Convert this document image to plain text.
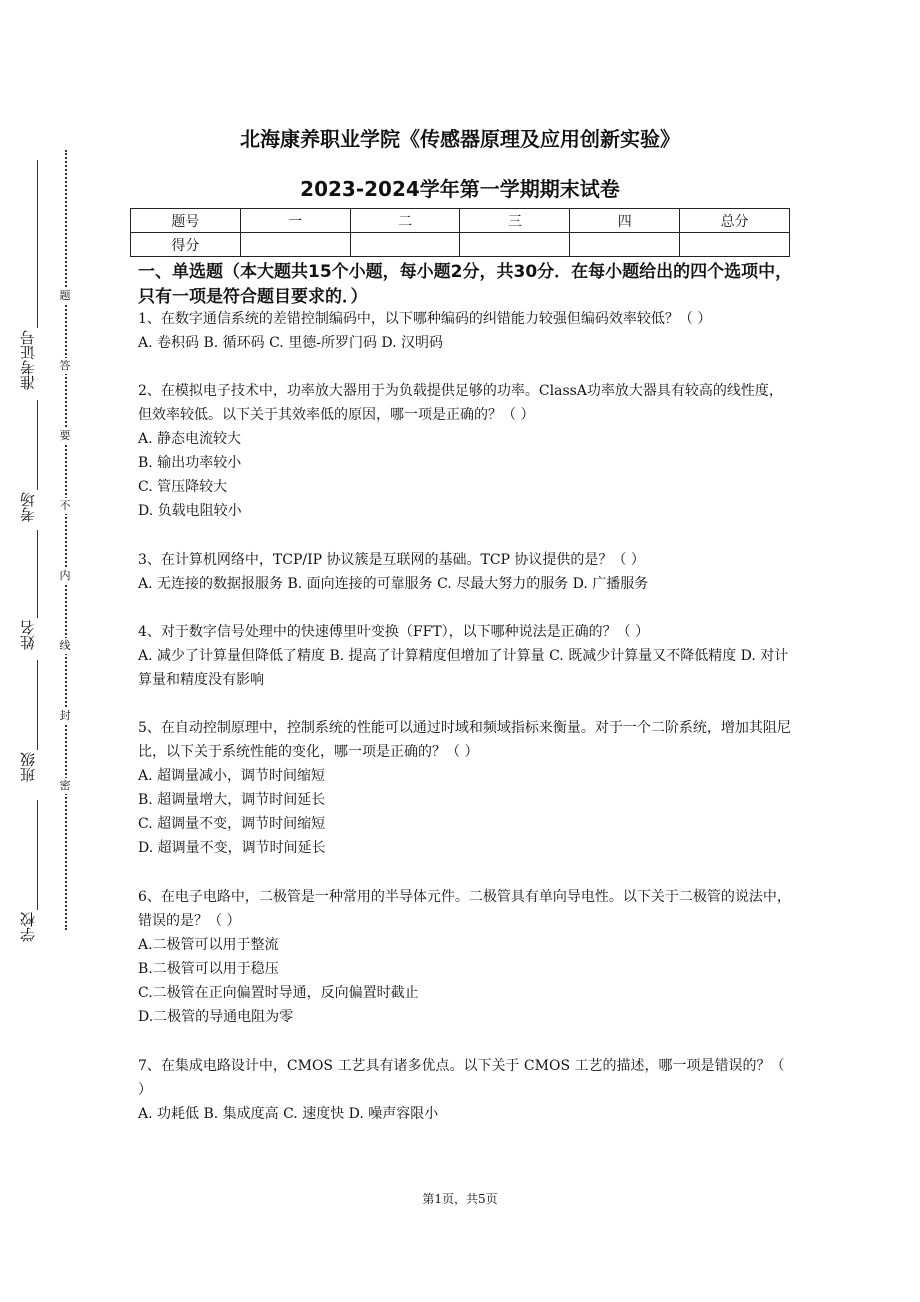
准考证号
考场
姓名
班级
学校
题
答
要
不
内
线
封
密
北海康养职业学院《传感器原理及应用创新实验》
2023-2024学年第一学期期末试卷
题号	一	二	三	四	总分
得分					

一、单选题（本大题共15个小题，每小题2分，共30分．在每小题给出的四个选项中，只有一项是符合题目要求的．）

1、在数字通信系统的差错控制编码中，以下哪种编码的纠错能力较强但编码效率较低？（ ）
A. 卷积码 B. 循环码 C. 里德-所罗门码 D. 汉明码
2、在模拟电子技术中，功率放大器用于为负载提供足够的功率。ClassA功率放大器具有较高的线性度，但效率较低。以下关于其效率低的原因，哪一项是正确的？（ ）
A. 静态电流较大
B. 输出功率较小
C. 管压降较大
D. 负载电阻较小
3、在计算机网络中，TCP/IP 协议簇是互联网的基础。TCP 协议提供的是？（ ）
A. 无连接的数据报服务 B. 面向连接的可靠服务 C. 尽最大努力的服务 D. 广播服务
4、对于数字信号处理中的快速傅里叶变换（FFT），以下哪种说法是正确的？（ ）
A. 减少了计算量但降低了精度 B. 提高了计算精度但增加了计算量 C. 既减少计算量又不降低精度 D. 对计算量和精度没有影响
5、在自动控制原理中，控制系统的性能可以通过时域和频域指标来衡量。对于一个二阶系统，增加其阻尼比，以下关于系统性能的变化，哪一项是正确的？（ ）
A. 超调量减小，调节时间缩短
B. 超调量增大，调节时间延长
C. 超调量不变，调节时间缩短
D. 超调量不变，调节时间延长
6、在电子电路中，二极管是一种常用的半导体元件。二极管具有单向导电性。以下关于二极管的说法中，错误的是？（ ）
A.二极管可以用于整流
B.二极管可以用于稳压
C.二极管在正向偏置时导通，反向偏置时截止
D.二极管的导通电阻为零
7、在集成电路设计中，CMOS 工艺具有诸多优点。以下关于 CMOS 工艺的描述，哪一项是错误的？（ ）
A. 功耗低 B. 集成度高 C. 速度快 D. 噪声容限小
第1页，共5页
